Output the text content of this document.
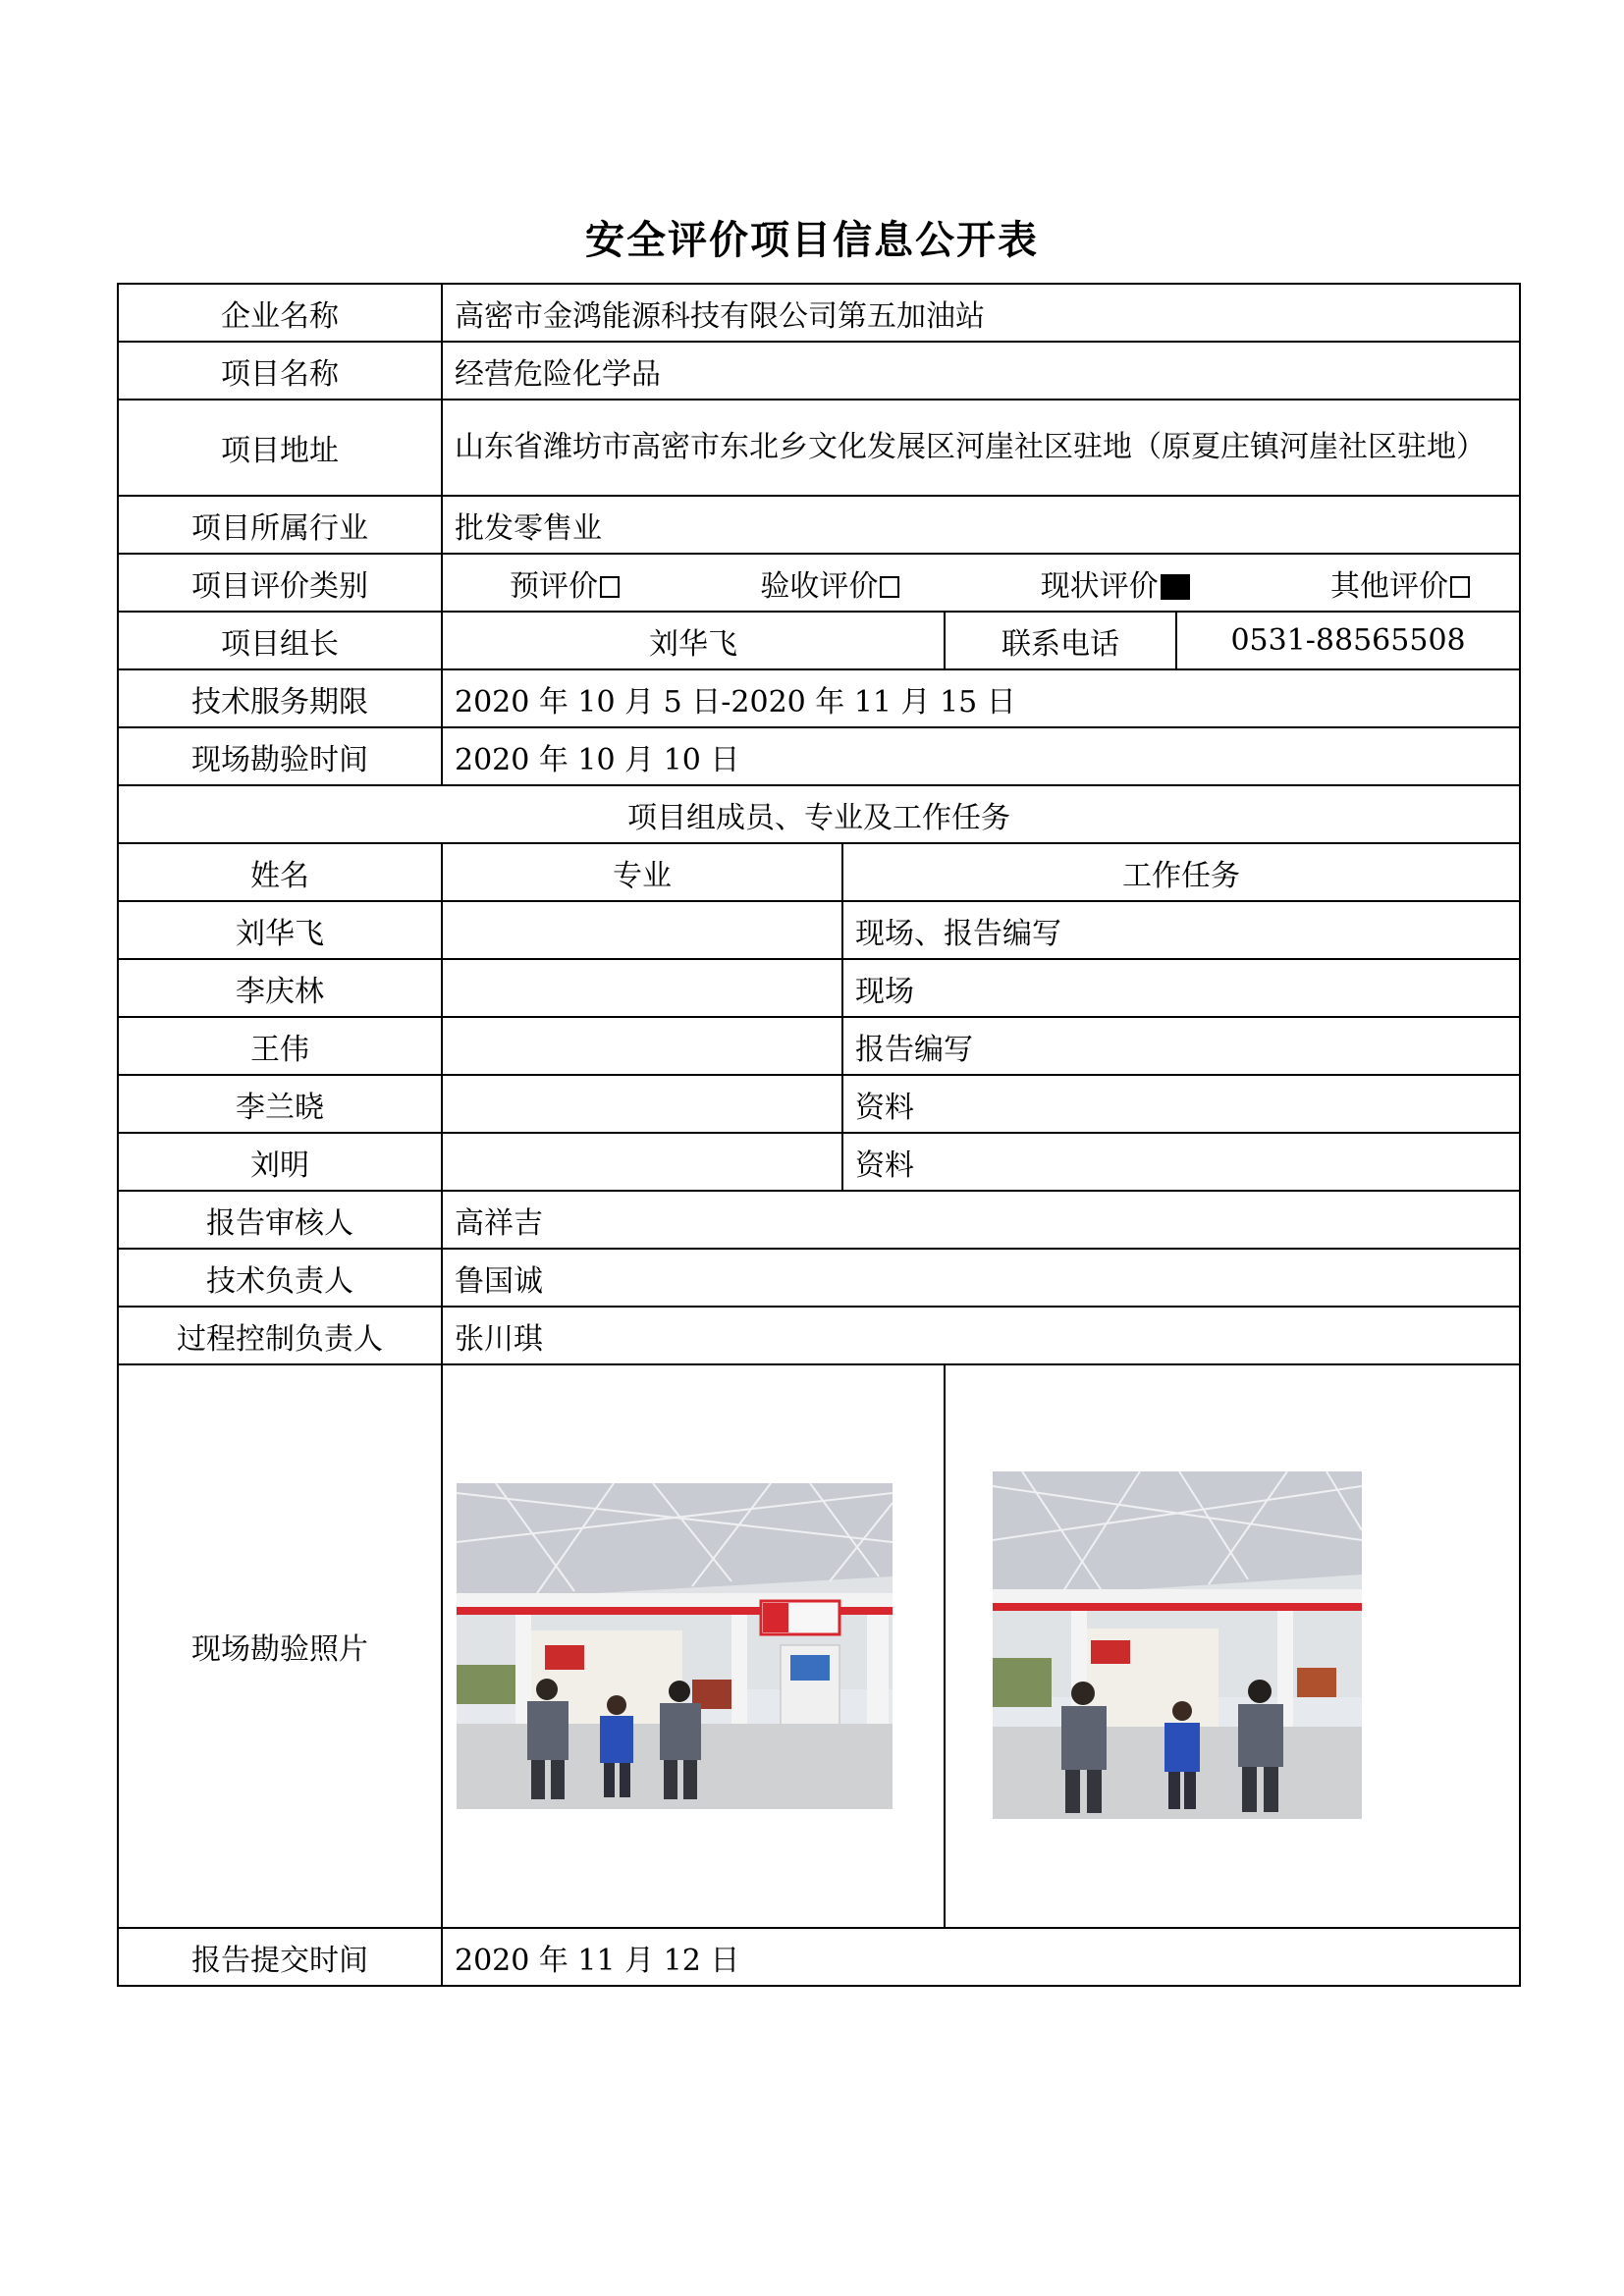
安全评价项目信息公开表
企业名称	高密市金鸿能源科技有限公司第五加油站			
项目名称	经营危险化学品			
项目地址	山东省潍坊市高密市东北乡文化发展区河崖社区驻地（原夏庄镇河崖社区驻地）			
项目所属行业	批发零售业			
项目评价类别	预评价 验收评价 现状评价 其他评价			

项目组长	刘华飞		联系电话	0531-88565508
技术服务期限	2020 年 10 月 5 日-2020 年 11 月 15 日			
现场勘验时间	2020 年 10 月 10 日			
项目组成员、专业及工作任务				
姓名	专业	工作任务		
刘华飞		现场、报告编写		
李庆林		现场		
王伟		报告编写		
李兰晓		资料		
刘明		资料		
报告审核人	高祥吉			
技术负责人	鲁国诚			
过程控制负责人	张川琪			
现场勘验照片	

报告提交时间	2020 年 11 月 12 日			
